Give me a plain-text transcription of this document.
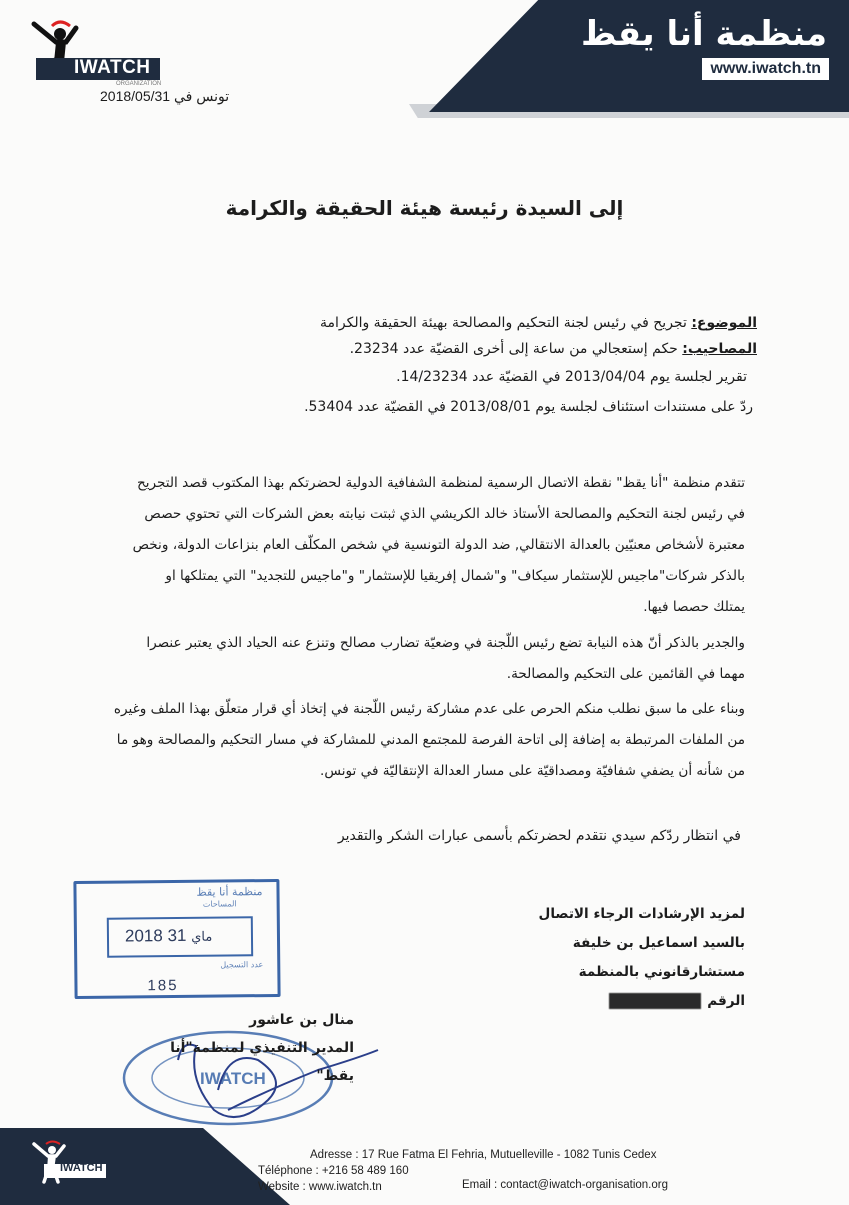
منظمة أنا يقظ
www.iwatch.tn
IWATCH
ORGANIZATION
تونس في 2018/05/31
إلى السيدة رئيسة هيئة الحقيقة والكرامة
الموضوع: تجريح في رئيس لجنة التحكيم والمصالحة بهيئة الحقيقة والكرامة
المصاحيب: حكم إستعجالي من ساعة إلى أخرى القضيّة عدد 23234.
تقرير لجلسة يوم 2013/04/04 في القضيّة عدد 14/23234.
ردّ على مستندات استئناف لجلسة يوم 2013/08/01 في القضيّة عدد 53404.
تتقدم منظمة "أنا يقظ" نقطة الاتصال الرسمية لمنظمة الشفافية الدولية لحضرتكم بهذا المكتوب قصد التجريح
في رئيس لجنة التحكيم والمصالحة الأستاذ خالد الكريشي الذي ثبتت نيابته بعض الشركات التي تحتوي حصص
معتبرة لأشخاص معنيّين بالعدالة الانتقالي, ضد الدولة التونسية في شخص المكلّف العام بنزاعات الدولة، ونخص
بالذكر شركات"ماجيس للإستثمار سيكاف" و"شمال إفريقيا للإستثمار" و"ماجيس للتجديد" التي يمتلكها او
يمتلك حصصا فيها.
والجدير بالذكر أنّ هذه النيابة تضع رئيس اللّجنة في وضعيّة تضارب مصالح وتنزع عنه الحياد الذي يعتبر عنصرا
مهما في القائمين على التحكيم والمصالحة.
وبناء على ما سبق نطلب منكم الحرص على عدم مشاركة رئيس اللّجنة في إتخاذ أي قرار متعلّق بهذا الملف وغيره
من الملفات المرتبطة به إضافة إلى اتاحة الفرصة للمجتمع المدني للمشاركة في مسار التحكيم والمصالحة وهو ما
من شأنه أن يضفي شفافيّة ومصداقيّة على مسار العدالة الإنتقاليّة في تونس.
في انتظار ردّكم سيدي نتقدم لحضرتكم بأسمى عبارات الشكر والتقدير
لمزيد الإرشادات الرجاء الاتصال
بالسيد اسماعيل بن خليفة
مستشارقانوني بالمنظمة
الرقم
منظمة أنا يقظ
المساحات
2018 ماي 31
عدد التسجيل
185
IWATCH
منال بن عاشور
المدير التنفيذي لمنظمة"أنا يقظ"
IWATCH
Adresse : 17 Rue Fatma El Fehria, Mutuelleville - 1082 Tunis Cedex
Téléphone : +216 58 489 160
Website : www.iwatch.tn	Email : contact@iwatch-organisation.org
